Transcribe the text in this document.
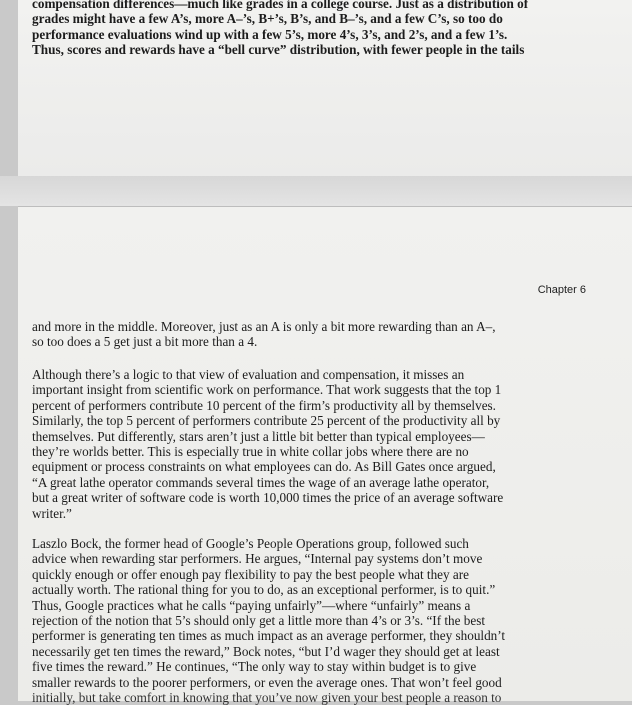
compensation differences—much like grades in a college course. Just as a distribution of
grades might have a few A’s, more A–’s, B+’s, B’s, and B–’s, and a few C’s, so too do
performance evaluations wind up with a few 5’s, more 4’s, 3’s, and 2’s, and a few 1’s.
Thus, scores and rewards have a “bell curve” distribution, with fewer people in the tails
Chapter 6
and more in the middle. Moreover, just as an A is only a bit more rewarding than an A–,
so too does a 5 get just a bit more than a 4.
Although there’s a logic to that view of evaluation and compensation, it misses an
important insight from scientific work on performance. That work suggests that the top 1
percent of performers contribute 10 percent of the firm’s productivity all by themselves.
Similarly, the top 5 percent of performers contribute 25 percent of the productivity all by
themselves. Put differently, stars aren’t just a little bit better than typical employees—
they’re worlds better. This is especially true in white collar jobs where there are no
equipment or process constraints on what employees can do. As Bill Gates once argued,
“A great lathe operator commands several times the wage of an average lathe operator,
but a great writer of software code is worth 10,000 times the price of an average software
writer.”
Laszlo Bock, the former head of Google’s People Operations group, followed such
advice when rewarding star performers. He argues, “Internal pay systems don’t move
quickly enough or offer enough pay flexibility to pay the best people what they are
actually worth. The rational thing for you to do, as an exceptional performer, is to quit.”
Thus, Google practices what he calls “paying unfairly”—where “unfairly” means a
rejection of the notion that 5’s should only get a little more than 4’s or 3’s. “If the best
performer is generating ten times as much impact as an average performer, they shouldn’t
necessarily get ten times the reward,” Bock notes, “but I’d wager they should get at least
five times the reward.” He continues, “The only way to stay within budget is to give
smaller rewards to the poorer performers, or even the average ones. That won’t feel good
initially, but take comfort in knowing that you’ve now given your best people a reason to
